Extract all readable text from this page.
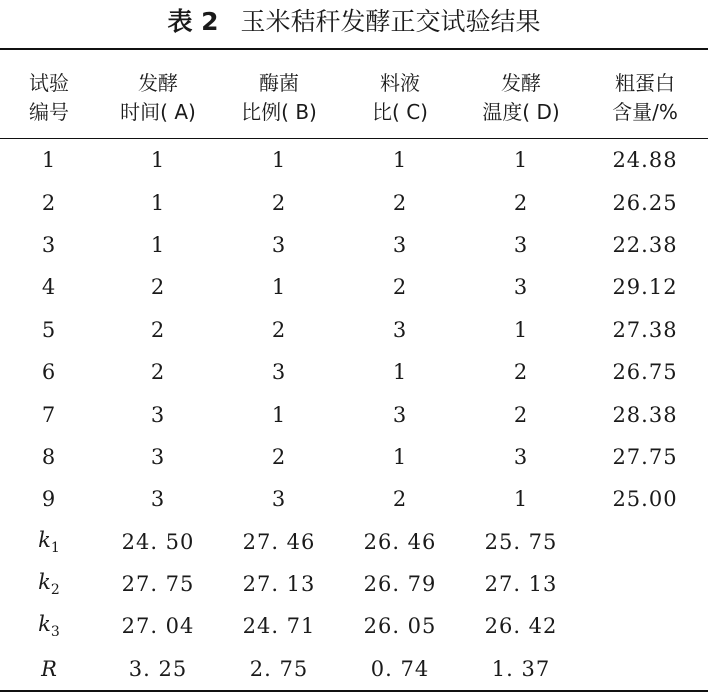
表 2 玉米秸秆发酵正交试验结果
试验	发酵	酶菌	料液	发酵	粗蛋白
编号	时间( A)	比例( B)	比( C)	温度( D)	含量/%
1	1	1	1	1	24.88
2	1	2	2	2	26.25
3	1	3	3	3	22.38
4	2	1	2	3	29.12
5	2	2	3	1	27.38
6	2	3	1	2	26.75
7	3	1	3	2	28.38
8	3	2	1	3	27.75
9	3	3	2	1	25.00
$k_1$	24. 50	27. 46	26. 46	25. 75	
$k_2$	27. 75	27. 13	26. 79	27. 13	
$k_3$	27. 04	24. 71	26. 05	26. 42	
R	3. 25	2. 75	0. 74	1. 37	
